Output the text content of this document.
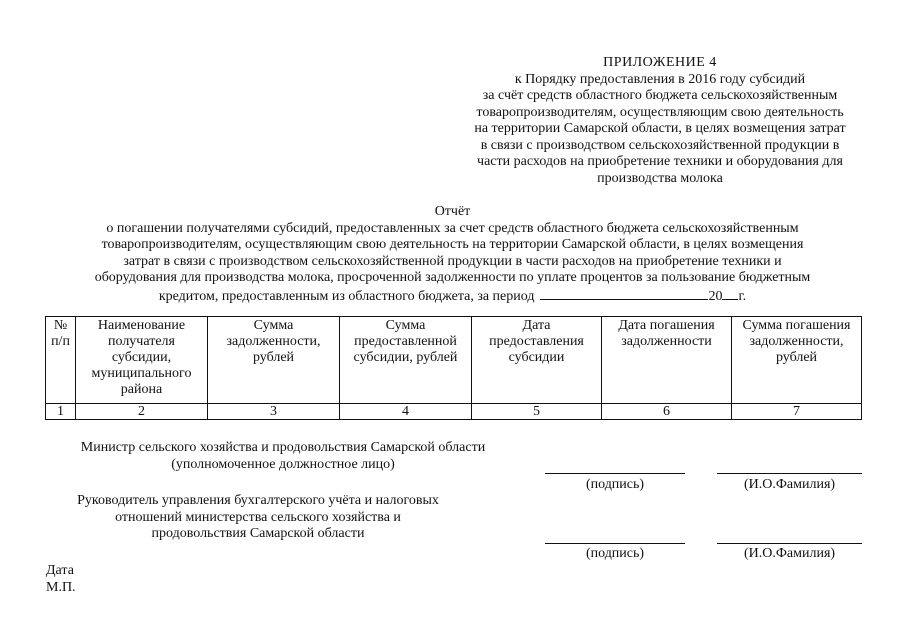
ПРИЛОЖЕНИЕ 4
к Порядку предоставления в 2016 году субсидий
за счёт средств областного бюджета сельскохозяйственным
товаропроизводителям, осуществляющим свою деятельность
на территории Самарской области, в целях возмещения затрат
в связи с производством сельскохозяйственной продукции в
части расходов на приобретение техники и оборудования для
производства молока
Отчёт
о погашении получателями субсидий, предоставленных за счет средств областного бюджета сельскохозяйственным
товаропроизводителям, осуществляющим свою деятельность на территории Самарской области, в целях возмещения
затрат в связи с производством сельскохозяйственной продукции в части расходов на приобретение техники и
оборудования для производства молока, просроченной задолженности по уплате процентов за пользование бюджетным
кредитом, предоставленным из областного бюджета, за период	20 г.
№ п/п	Наименование получателя субсидии, муниципального района	Сумма задолженности, рублей	Сумма предоставленной субсидии, рублей	Дата предоставления субсидии	Дата погашения задолженности	Сумма погашения задолженности, рублей
1	2	3	4	5	6	7
Министр сельского хозяйства и продовольствия Самарской области
(уполномоченное должностное лицо)
(подпись)	(И.О.Фамилия)
Руководитель управления бухгалтерского учёта и налоговых
отношений министерства сельского хозяйства и
продовольствия Самарской области
(подпись)	(И.О.Фамилия)
Дата
М.П.
